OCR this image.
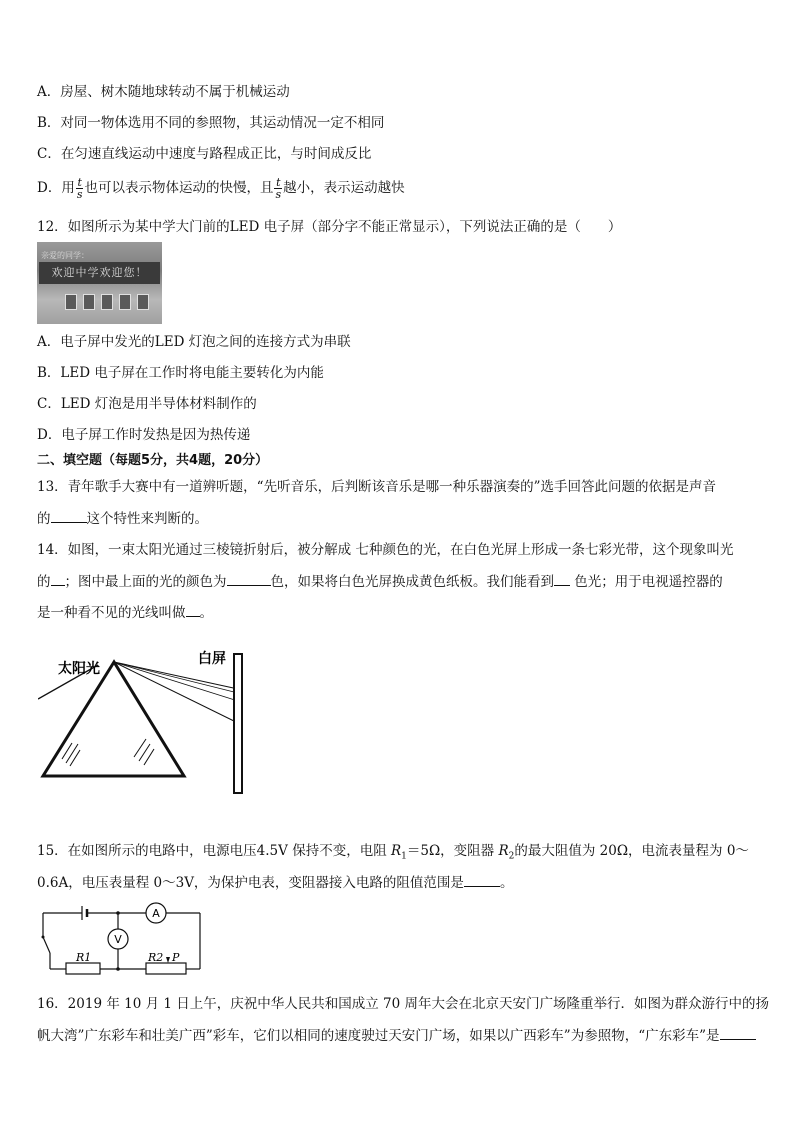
A．房屋、树木随地球转动不属于机械运动
B．对同一物体选用不同的参照物，其运动情况一定不相同
C．在匀速直线运动中速度与路程成正比，与时间成反比
D．用 $\frac{t}{s}$ 也可以表示物体运动的快慢，且 $\frac{t}{s}$ 越小，表示运动越快
12．如图所示为某中学大门前的LED 电子屏（部分字不能正常显示），下列说法正确的是（　　）
亲爱的同学：
欢迎中学欢迎您！
A．电子屏中发光的LED 灯泡之间的连接方式为串联
B．LED 电子屏在工作时将电能主要转化为内能
C．LED 灯泡是用半导体材料制作的
D．电子屏工作时发热是因为热传递
二、填空题（每题5分，共4题，20分）
13．青年歌手大赛中有一道辨听题，“先听音乐，后判断该音乐是哪一种乐器演奏的”选手回答此问题的依据是声音
的	这个特性来判断的。
14．如图，一束太阳光通过三棱镜折射后，被分解成 七种颜色的光，在白色光屏上形成一条七彩光带，这个现象叫光
的 ；图中最上面的光的颜色为	色，如果将白色光屏换成黄色纸板。我们能看到 色光；用于电视遥控器的
是一种看不见的光线叫做 。
太阳光
白屏
15．在如图所示的电路中，电源电压4.5V 保持不变，电阻 $R_1=5\Omega$，变阻器 $R_2$的最大阻值为 20Ω，电流表量程为 0～
0.6A，电压表量程 0～3V，为保护电表，变阻器接入电路的阻值范围是	。
A
R1	R2 P
V
16．2019 年 10 月 1 日上午，庆祝中华人民共和国成立 70 周年大会在北京天安门广场隆重举行．如图为群众游行中的扬
帆大湾”广东彩车和壮美广西”彩车，它们以相同的速度驶过天安门广场，如果以广西彩车”为参照物，“广东彩车”是
